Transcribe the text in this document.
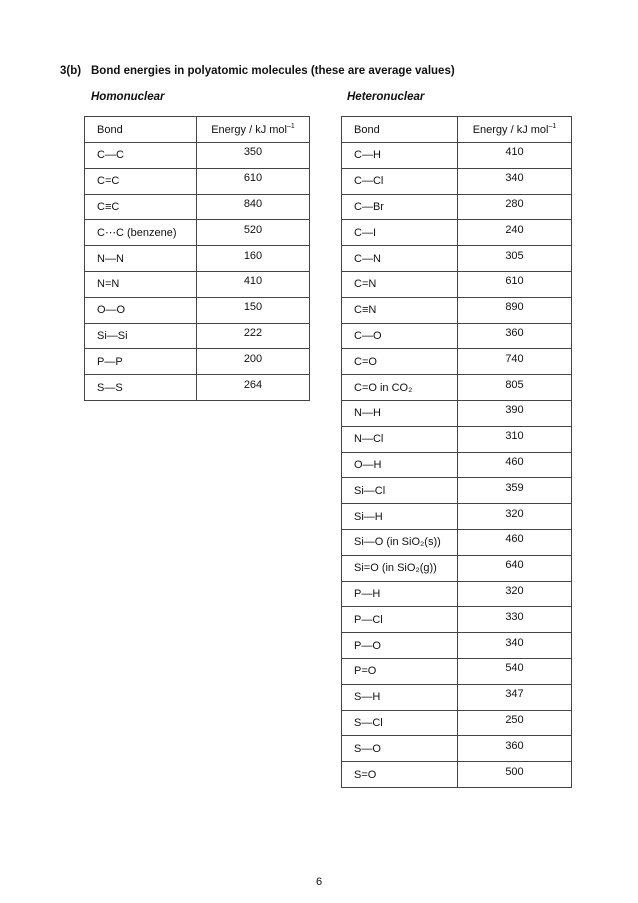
3(b) Bond energies in polyatomic molecules (these are average values)
Homonuclear	Heteronuclear
Bond	Energy / kJ mol$^{-1}$
C—C	350
C=C	610
C≡C	840
C⋯C (benzene)	520
N—N	160
N=N	410
O—O	150
Si—Si	222
P—P	200
S—S	264
Bond	Energy / kJ mol$^{-1}$
C—H	410
C—Cl	340
C—Br	280
C—I	240
C—N	305
C=N	610
C≡N	890
C—O	360
C=O	740
C=O in CO₂	805
N—H	390
N—Cl	310
O—H	460
Si—Cl	359
Si—H	320
Si—O (in SiO₂(s))	460
Si=O (in SiO₂(g))	640
P—H	320
P—Cl	330
P—O	340
P=O	540
S—H	347
S—Cl	250
S—O	360
S=O	500
6
